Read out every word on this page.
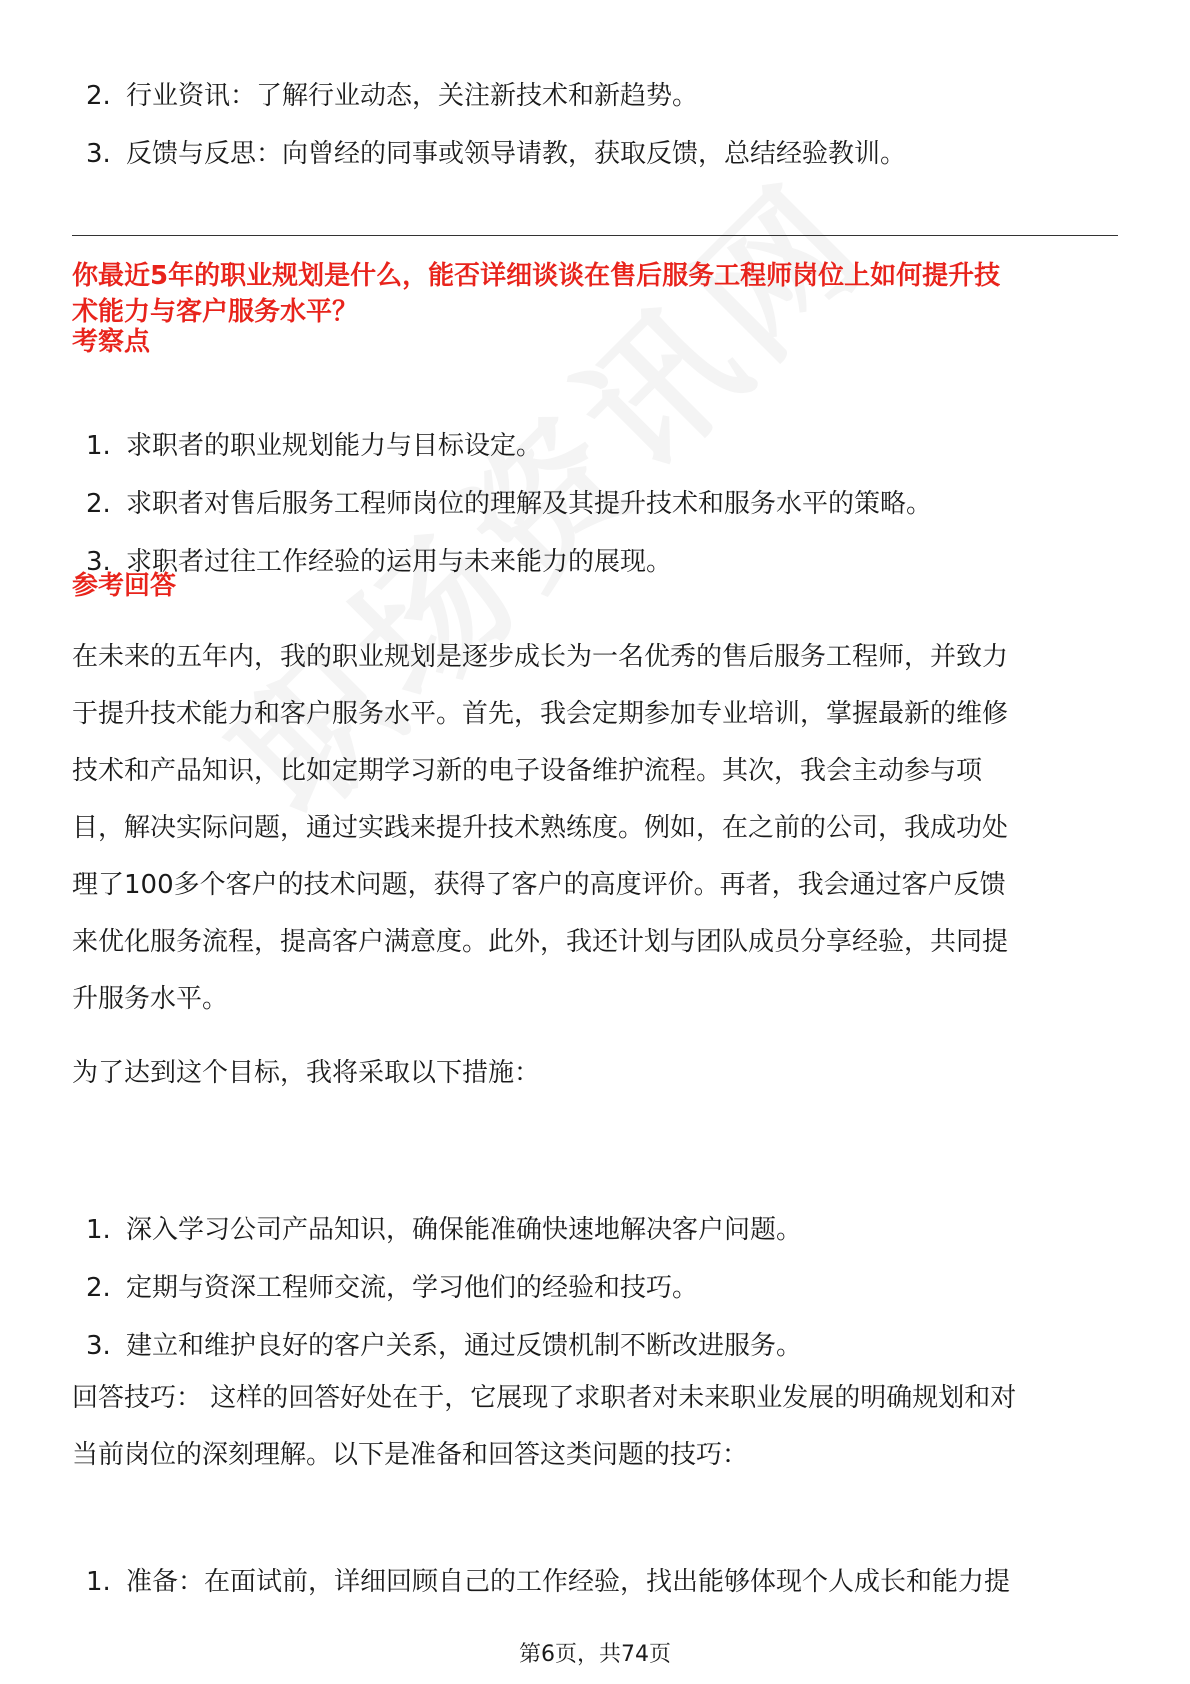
2. 行业资讯：了解行业动态，关注新技术和新趋势。
3. 反馈与反思：向曾经的同事或领导请教，获取反馈，总结经验教训。
你最近5年的职业规划是什么，能否详细谈谈在售后服务工程师岗位上如何提升技
术能力与客户服务水平？
考察点
1. 求职者的职业规划能力与目标设定。
2. 求职者对售后服务工程师岗位的理解及其提升技术和服务水平的策略。
3. 求职者过往工作经验的运用与未来能力的展现。
参考回答
在未来的五年内，我的职业规划是逐步成长为一名优秀的售后服务工程师，并致力
于提升技术能力和客户服务水平。首先，我会定期参加专业培训，掌握最新的维修
技术和产品知识，比如定期学习新的电子设备维护流程。其次，我会主动参与项
目，解决实际问题，通过实践来提升技术熟练度。例如，在之前的公司，我成功处
理了100多个客户的技术问题，获得了客户的高度评价。再者，我会通过客户反馈
来优化服务流程，提高客户满意度。此外，我还计划与团队成员分享经验，共同提
升服务水平。
为了达到这个目标，我将采取以下措施：
1. 深入学习公司产品知识，确保能准确快速地解决客户问题。
2. 定期与资深工程师交流，学习他们的经验和技巧。
3. 建立和维护良好的客户关系，通过反馈机制不断改进服务。
回答技巧： 这样的回答好处在于，它展现了求职者对未来职业发展的明确规划和对
当前岗位的深刻理解。以下是准备和回答这类问题的技巧：
1. 准备：在面试前，详细回顾自己的工作经验，找出能够体现个人成长和能力提
第6页，共74页
